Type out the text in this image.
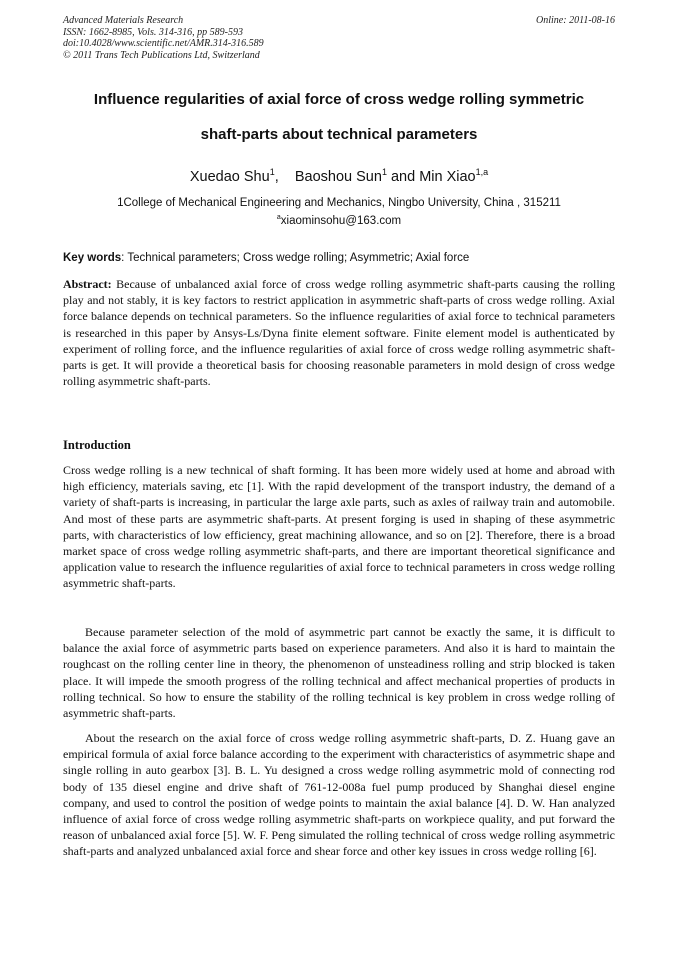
Advanced Materials Research
ISSN: 1662-8985, Vols. 314-316, pp 589-593
doi:10.4028/www.scientific.net/AMR.314-316.589
© 2011 Trans Tech Publications Ltd, Switzerland
Online: 2011-08-16
Influence regularities of axial force of cross wedge rolling symmetric
shaft-parts about technical parameters
Xuedao Shu$^1$,    Baoshou Sun$^1$ and Min Xiao$^{1,a}$
1College of Mechanical Engineering and Mechanics, Ningbo University, China , 315211
$^a$xiaominsohu@163.com
Key words: Technical parameters; Cross wedge rolling; Asymmetric; Axial force
Abstract: Because of unbalanced axial force of cross wedge rolling asymmetric shaft-parts causing the rolling play and not stably, it is key factors to restrict application in asymmetric shaft-parts of cross wedge rolling. Axial force balance depends on technical parameters. So the influence regularities of axial force to technical parameters is researched in this paper by Ansys-Ls/Dyna finite element software. Finite element model is authenticated by experiment of rolling force, and the influence regularities of axial force of cross wedge rolling asymmetric shaft-parts is get. It will provide a theoretical basis for choosing reasonable parameters in mold design of cross wedge rolling asymmetric shaft-parts.
Introduction
Cross wedge rolling is a new technical of shaft forming. It has been more widely used at home and abroad with high efficiency, materials saving, etc [1]. With the rapid development of the transport industry, the demand of a variety of shaft-parts is increasing, in particular the large axle parts, such as axles of railway train and automobile. And most of these parts are asymmetric shaft-parts. At present forging is used in shaping of these asymmetric parts, with characteristics of low efficiency, great machining allowance, and so on [2]. Therefore, there is a broad market space of cross wedge rolling asymmetric shaft-parts, and there are important theoretical significance and application value to research the influence regularities of axial force to technical parameters in cross wedge rolling asymmetric shaft-parts.
Because parameter selection of the mold of asymmetric part cannot be exactly the same, it is difficult to balance the axial force of asymmetric parts based on experience parameters. And also it is hard to maintain the roughcast on the rolling center line in theory, the phenomenon of unsteadiness rolling and strip blocked is taken place. It will impede the smooth progress of the rolling technical and affect mechanical properties of products in rolling technical. So how to ensure the stability of the rolling technical is key problem in cross wedge rolling of asymmetric shaft-parts.
About the research on the axial force of cross wedge rolling asymmetric shaft-parts, D. Z. Huang gave an empirical formula of axial force balance according to the experiment with characteristics of asymmetric shape and single rolling in auto gearbox [3]. B. L. Yu designed a cross wedge rolling asymmetric mold of connecting rod body of 135 diesel engine and drive shaft of 761-12-008a fuel pump produced by Shanghai diesel engine company, and used to control the position of wedge points to maintain the axial balance [4]. D. W. Han analyzed influence of axial force of cross wedge rolling asymmetric shaft-parts on workpiece quality, and put forward the reason of unbalanced axial force [5]. W. F. Peng simulated the rolling technical of cross wedge rolling asymmetric shaft-parts and analyzed unbalanced axial force and shear force and other key issues in cross wedge rolling [6].
